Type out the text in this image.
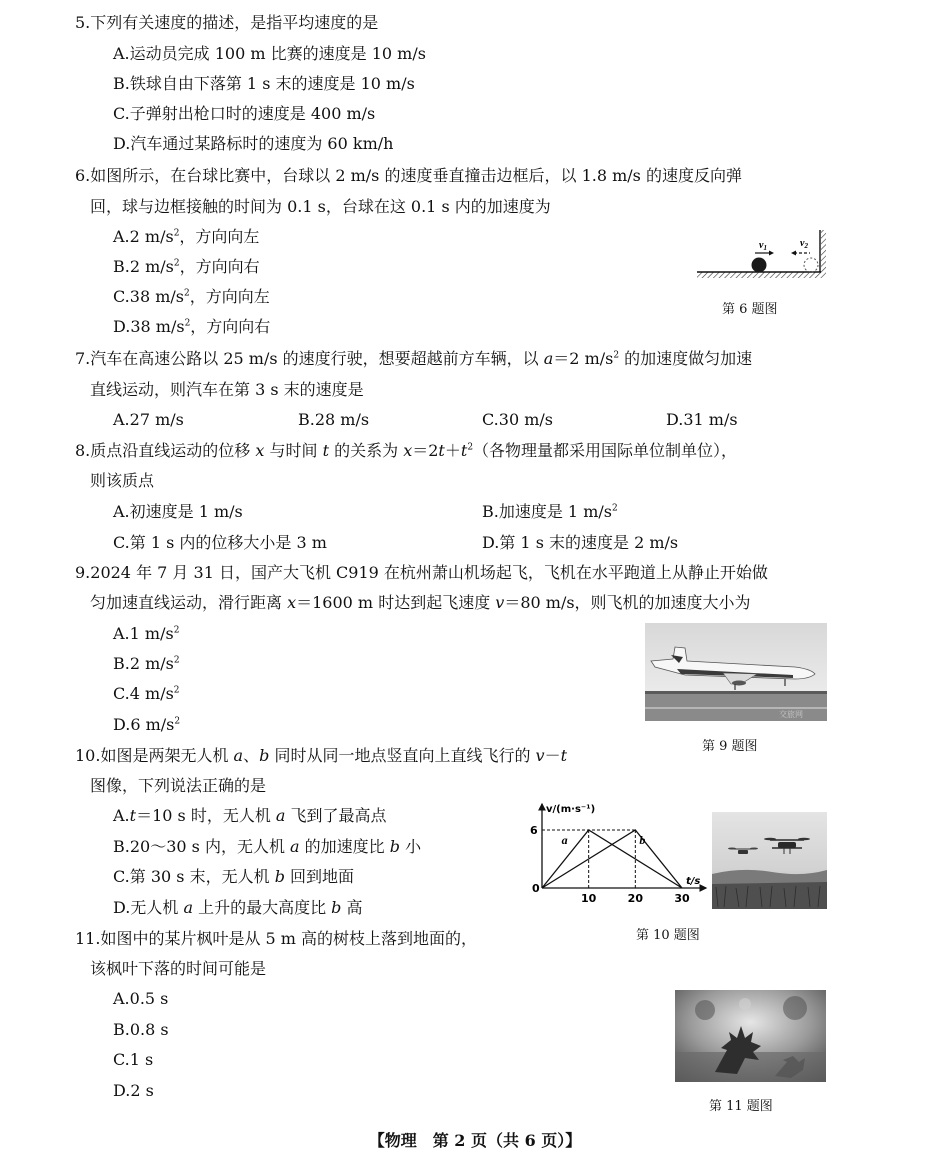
5.下列有关速度的描述，是指平均速度的是
A.运动员完成 100 m 比赛的速度是 10 m/s
B.铁球自由下落第 1 s 末的速度是 10 m/s
C.子弹射出枪口时的速度是 400 m/s
D.汽车通过某路标时的速度为 60 km/h
6.如图所示，在台球比赛中，台球以 2 m/s 的速度垂直撞击边框后，以 1.8 m/s 的速度反向弹
回，球与边框接触的时间为 0.1 s，台球在这 0.1 s 内的加速度为
A.2 $m/s^2$，方向向左
B.2 $m/s^2$，方向向右
C.38 $m/s^2$，方向向左
D.38 $m/s^2$，方向向右
$v_1$	$v_2$
第 6 题图
7.汽车在高速公路以 25 m/s 的速度行驶，想要超越前方车辆，以 a＝2 $m/s^2$ 的加速度做匀加速
直线运动，则汽车在第 3 s 末的速度是
A.27 m/s	B.28 m/s	C.30 m/s	D.31 m/s
8.质点沿直线运动的位移 x 与时间 t 的关系为 $x=2t+t^2$（各物理量都采用国际单位制单位），
则该质点
A.初速度是 1 m/s	B.加速度是 1 $m/s^2$
C.第 1 s 内的位移大小是 3 m	D.第 1 s 末的速度是 2 m/s
9.2024 年 7 月 31 日，国产大飞机 C919 在杭州萧山机场起飞，飞机在水平跑道上从静止开始做
匀加速直线运动，滑行距离 x＝1600 m 时达到起飞速度 v＝80 m/s，则飞机的加速度大小为
A.1 $m/s^2$
B.2 $m/s^2$
C.4 $m/s^2$
D.6 $m/s^2$
交旅网
第 9 题图
10.如图是两架无人机 a、b 同时从同一地点竖直向上直线飞行的 v－t
图像，下列说法正确的是
A.t＝10 s 时，无人机 a 飞到了最高点
B.20～30 s 内，无人机 a 的加速度比 b 小
C.第 30 s 末，无人机 b 回到地面
D.无人机 a 上升的最大高度比 b 高
v/(m·s⁻¹)
t/s
a	b
0
10	20	30
6
第 10 题图
11.如图中的某片枫叶是从 5 m 高的树枝上落到地面的，
该枫叶下落的时间可能是
A.0.5 s
B.0.8 s
C.1 s
D.2 s
第 11 题图
【物理　第 2 页（共 6 页）】
